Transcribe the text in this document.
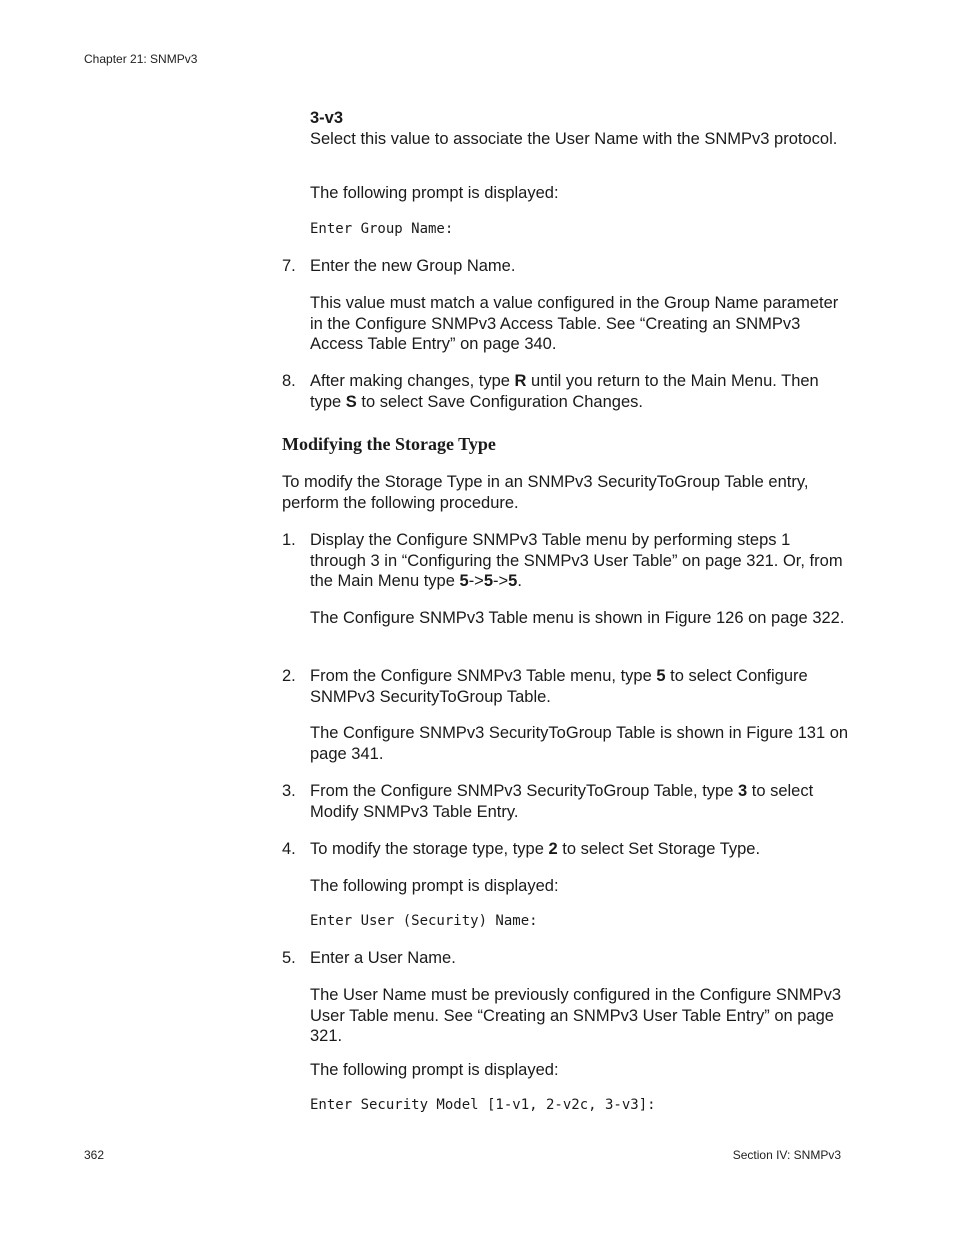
Chapter 21: SNMPv3

3-v3

Select this value to associate the User Name with the SNMPv3 protocol.

The following prompt is displayed:

Enter Group Name:
7. Enter the new Group Name.

This value must match a value configured in the Group Name parameter in the Configure SNMPv3 Access Table. See “Creating an SNMPv3 Access Table Entry” on page 340.

8. After making changes, type R until you return to the Main Menu. Then type S to select Save Configuration Changes.

Modifying the Storage Type

To modify the Storage Type in an SNMPv3 SecurityToGroup Table entry, perform the following procedure.

1. Display the Configure SNMPv3 Table menu by performing steps 1 through 3 in “Configuring the SNMPv3 User Table” on page 321. Or, from the Main Menu type 5->5->5.

The Configure SNMPv3 Table menu is shown in Figure 126 on page 322.

2. From the Configure SNMPv3 Table menu, type 5 to select Configure SNMPv3 SecurityToGroup Table.

The Configure SNMPv3 SecurityToGroup Table is shown in Figure 131 on page 341.

3. From the Configure SNMPv3 SecurityToGroup Table, type 3 to select Modify SNMPv3 Table Entry.

4. To modify the storage type, type 2 to select Set Storage Type.

The following prompt is displayed:

Enter User (Security) Name:
5. Enter a User Name.

The User Name must be previously configured in the Configure SNMPv3 User Table menu. See “Creating an SNMPv3 User Table Entry” on page 321.

The following prompt is displayed:

Enter Security Model [1-v1, 2-v2c, 3-v3]:
362	Section IV: SNMPv3
